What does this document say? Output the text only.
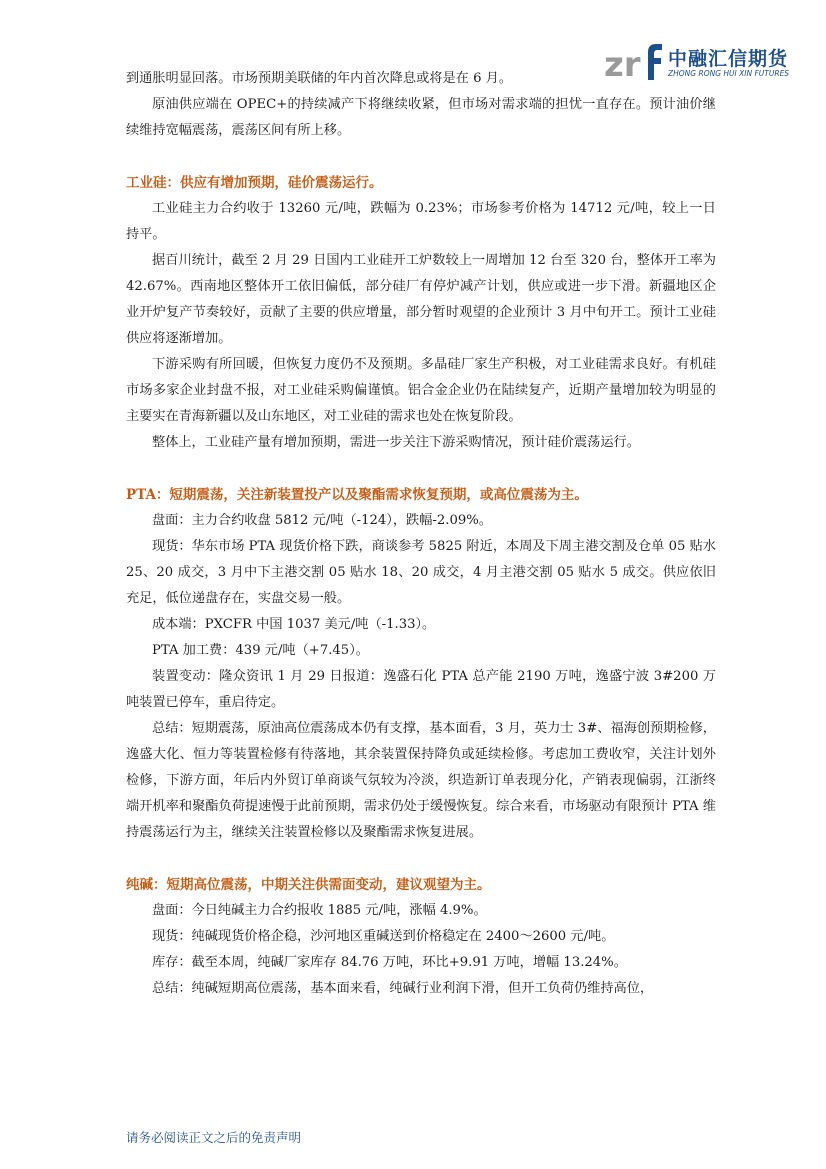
zr 中融汇信期货
ZHONG RONG HUI XIN FUTURES

到通胀明显回落。市场预期美联储的年内首次降息或将是在 6 月。

原油供应端在 OPEC+的持续减产下将继续收紧，但市场对需求端的担忧一直存在。预计油价继续维持宽幅震荡，震荡区间有所上移。

工业硅：供应有增加预期，硅价震荡运行。

工业硅主力合约收于 13260 元/吨，跌幅为 0.23%；市场参考价格为 14712 元/吨，较上一日持平。

据百川统计，截至 2 月 29 日国内工业硅开工炉数较上一周增加 12 台至 320 台，整体开工率为 42.67%。西南地区整体开工依旧偏低，部分硅厂有停炉减产计划，供应或进一步下滑。新疆地区企业开炉复产节奏较好，贡献了主要的供应增量，部分暂时观望的企业预计 3 月中旬开工。预计工业硅供应将逐渐增加。

下游采购有所回暖，但恢复力度仍不及预期。多晶硅厂家生产积极，对工业硅需求良好。有机硅市场多家企业封盘不报，对工业硅采购偏谨慎。铝合金企业仍在陆续复产，近期产量增加较为明显的主要实在青海新疆以及山东地区，对工业硅的需求也处在恢复阶段。

整体上，工业硅产量有增加预期，需进一步关注下游采购情况，预计硅价震荡运行。

PTA：短期震荡，关注新装置投产以及聚酯需求恢复预期，或高位震荡为主。

盘面：主力合约收盘 5812 元/吨（-124），跌幅-2.09%。

现货：华东市场 PTA 现货价格下跌，商谈参考 5825 附近，本周及下周主港交割及仓单 05 贴水 25、20 成交，3 月中下主港交割 05 贴水 18、20 成交，4 月主港交割 05 贴水 5 成交。供应依旧充足，低位递盘存在，实盘交易一般。

成本端：PXCFR 中国 1037 美元/吨（-1.33）。

PTA 加工费：439 元/吨（+7.45）。

装置变动：隆众资讯 1 月 29 日报道：逸盛石化 PTA 总产能 2190 万吨，逸盛宁波 3#200 万吨装置已停车，重启待定。

总结：短期震荡，原油高位震荡成本仍有支撑，基本面看，3 月，英力士 3#、福海创预期检修，逸盛大化、恒力等装置检修有待落地，其余装置保持降负或延续检修。考虑加工费收窄，关注计划外检修，下游方面，年后内外贸订单商谈气氛较为冷淡，织造新订单表现分化，产销表现偏弱，江浙终端开机率和聚酯负荷提速慢于此前预期，需求仍处于缓慢恢复。综合来看，市场驱动有限预计 PTA 维持震荡运行为主，继续关注装置检修以及聚酯需求恢复进展。

纯碱：短期高位震荡，中期关注供需面变动，建议观望为主。

盘面：今日纯碱主力合约报收 1885 元/吨，涨幅 4.9%。

现货：纯碱现货价格企稳，沙河地区重碱送到价格稳定在 2400～2600 元/吨。

库存：截至本周，纯碱厂家库存 84.76 万吨，环比+9.91 万吨，增幅 13.24%。

总结：纯碱短期高位震荡，基本面来看，纯碱行业利润下滑，但开工负荷仍维持高位，

请务必阅读正文之后的免责声明
